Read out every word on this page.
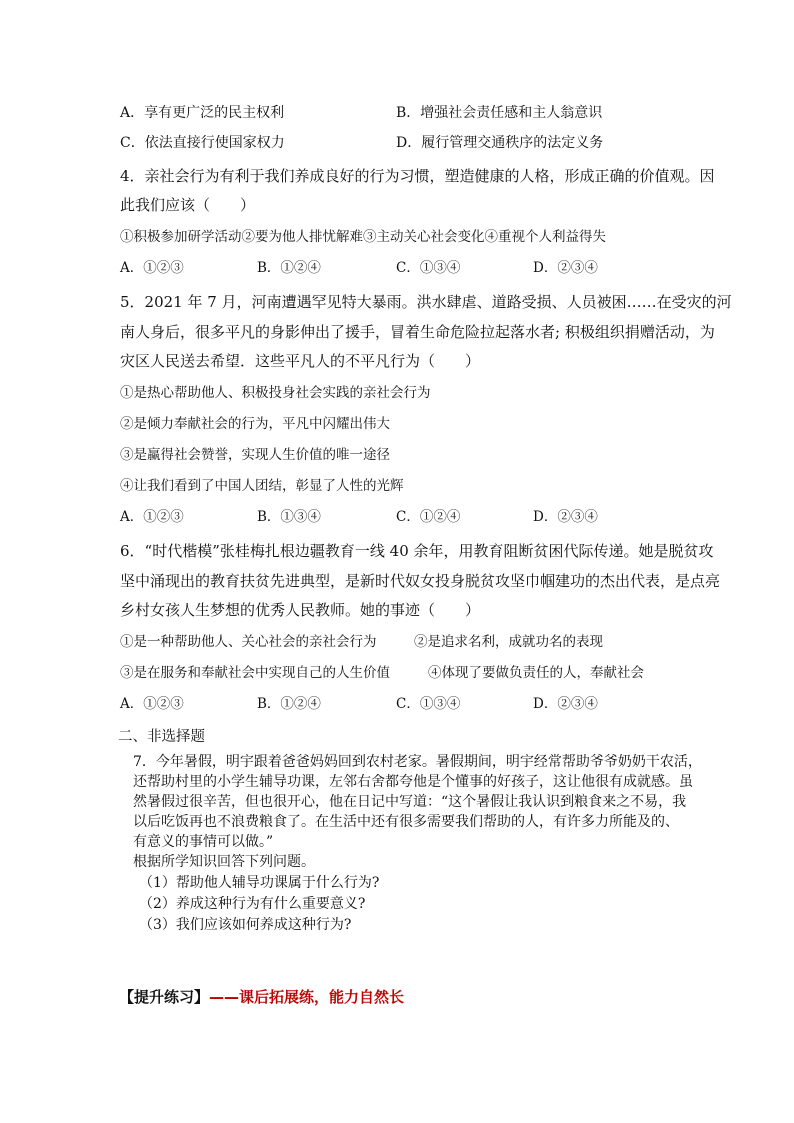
A．享有更广泛的民主权利	B．增强社会责任感和主人翁意识
C．依法直接行使国家权力	D．履行管理交通秩序的法定义务
4．亲社会行为有利于我们养成良好的行为习惯，塑造健康的人格，形成正确的价值观。因
此我们应该（　　）
①积极参加研学活动②要为他人排忧解难③主动关心社会变化④重视个人利益得失
A．①②③	B．①②④	C．①③④	D．②③④
5．2021 年 7 月，河南遭遇罕见特大暴雨。洪水肆虐、道路受损、人员被困……在受灾的河
南人身后，很多平凡的身影伸出了援手，冒着生命危险拉起落水者; 积极组织捐赠活动，为
灾区人民送去希望．这些平凡人的不平凡行为（　　）
①是热心帮助他人、积极投身社会实践的亲社会行为
②是倾力奉献社会的行为，平凡中闪耀出伟大
③是赢得社会赞誉，实现人生价值的唯一途径
④让我们看到了中国人团结，彰显了人性的光辉
A．①②③	B．①③④	C．①②④	D．②③④
6．“时代楷模”张桂梅扎根边疆教育一线 40 余年，用教育阻断贫困代际传递。她是脱贫攻
坚中涌现出的教育扶贫先进典型，是新时代奴女投身脱贫攻坚巾帼建功的杰出代表，是点亮
乡村女孩人生梦想的优秀人民教师。她的事迹（　　）
①是一种帮助他人、关心社会的亲社会行为	②是追求名利，成就功名的表现
③是在服务和奉献社会中实现自己的人生价值	④体现了要做负责任的人，奉献社会
A．①②③	B．①②④	C．①③④	D．②③④
二、非选择题
7．今年暑假，明宇跟着爸爸妈妈回到农村老家。暑假期间，明宇经常帮助爷爷奶奶干农活，
还帮助村里的小学生辅导功课，左邻右舍都夸他是个懂事的好孩子，这让他很有成就感。虽
然暑假过很辛苦，但也很开心，他在日记中写道：“这个暑假让我认识到粮食来之不易，我
以后吃饭再也不浪费粮食了。在生活中还有很多需要我们帮助的人，有许多力所能及的、
有意义的事情可以做。”
根据所学知识回答下列问题。
（1）帮助他人辅导功课属于什么行为?
（2）养成这种行为有什么重要意义?
（3）我们应该如何养成这种行为?
【提升练习】——课后拓展练，能力自然长
